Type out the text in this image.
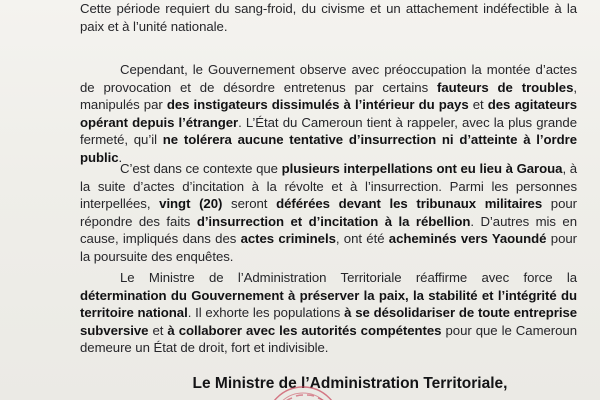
Cette période requiert du sang-froid, du civisme et un attachement indéfectible à la paix et à l’unité nationale.

Cependant, le Gouvernement observe avec préoccupation la montée d’actes de provocation et de désordre entretenus par certains fauteurs de troubles, manipulés par des instigateurs dissimulés à l’intérieur du pays et des agitateurs opérant depuis l’étranger. L’État du Cameroun tient à rappeler, avec la plus grande fermeté, qu’il ne tolérera aucune tentative d’insurrection ni d’atteinte à l’ordre public.

C’est dans ce contexte que plusieurs interpellations ont eu lieu à Garoua, à la suite d’actes d’incitation à la révolte et à l’insurrection. Parmi les personnes interpellées, vingt (20) seront déférées devant les tribunaux militaires pour répondre des faits d’insurrection et d’incitation à la rébellion. D’autres mis en cause, impliqués dans des actes criminels, ont été acheminés vers Yaoundé pour la poursuite des enquêtes.

Le Ministre de l’Administration Territoriale réaffirme avec force la détermination du Gouvernement à préserver la paix, la stabilité et l’intégrité du territoire national. Il exhorte les populations à se désolidariser de toute entreprise subversive et à collaborer avec les autorités compétentes pour que le Cameroun demeure un État de droit, fort et indivisible.

Le Ministre de l’Administration Territoriale,
